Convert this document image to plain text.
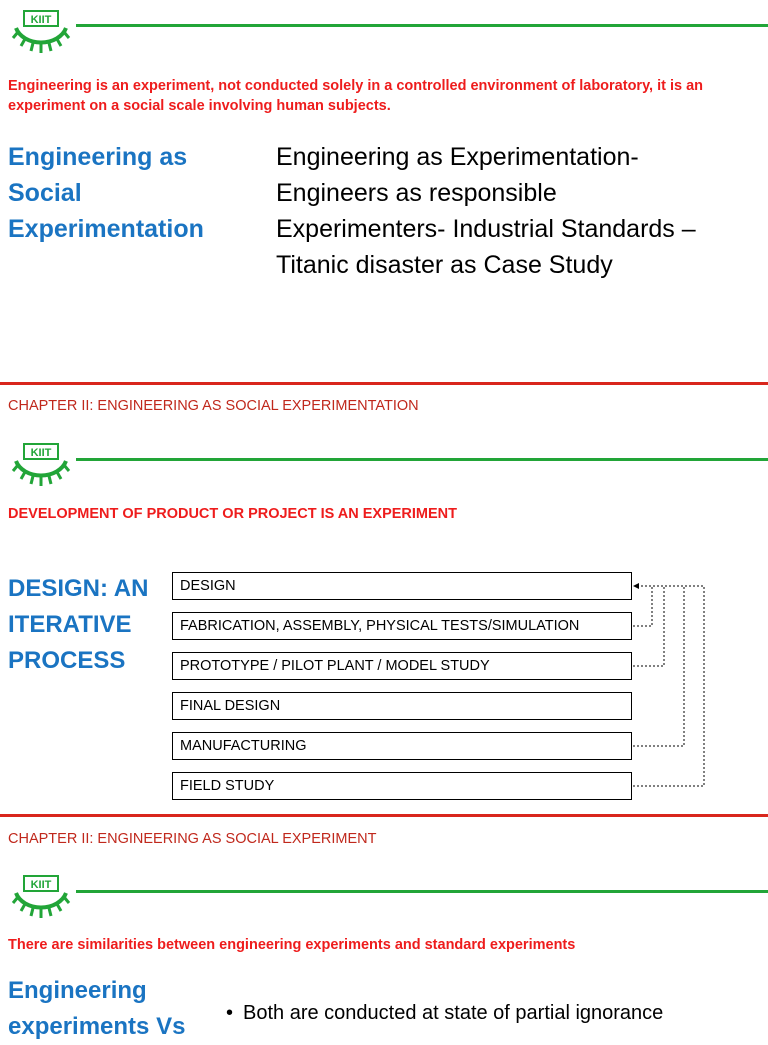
KIIT
Engineering is an experiment, not conducted solely in a controlled environment of laboratory, it is an experiment on a social scale involving human subjects.
Engineering as
Social
Experimentation
Engineering as Experimentation-
Engineers as responsible
Experimenters- Industrial Standards –
Titanic disaster as Case Study
CHAPTER II: ENGINEERING AS SOCIAL EXPERIMENTATION
KIIT
DEVELOPMENT OF PRODUCT OR PROJECT IS AN EXPERIMENT
DESIGN: AN
ITERATIVE
PROCESS
DESIGN
FABRICATION, ASSEMBLY, PHYSICAL TESTS/SIMULATION
PROTOTYPE / PILOT PLANT / MODEL STUDY
FINAL DESIGN
MANUFACTURING
FIELD STUDY
CHAPTER II: ENGINEERING AS SOCIAL EXPERIMENT
KIIT
There are similarities between engineering experiments and standard experiments
Engineering
experiments Vs • Both are conducted at state of partial ignorance
